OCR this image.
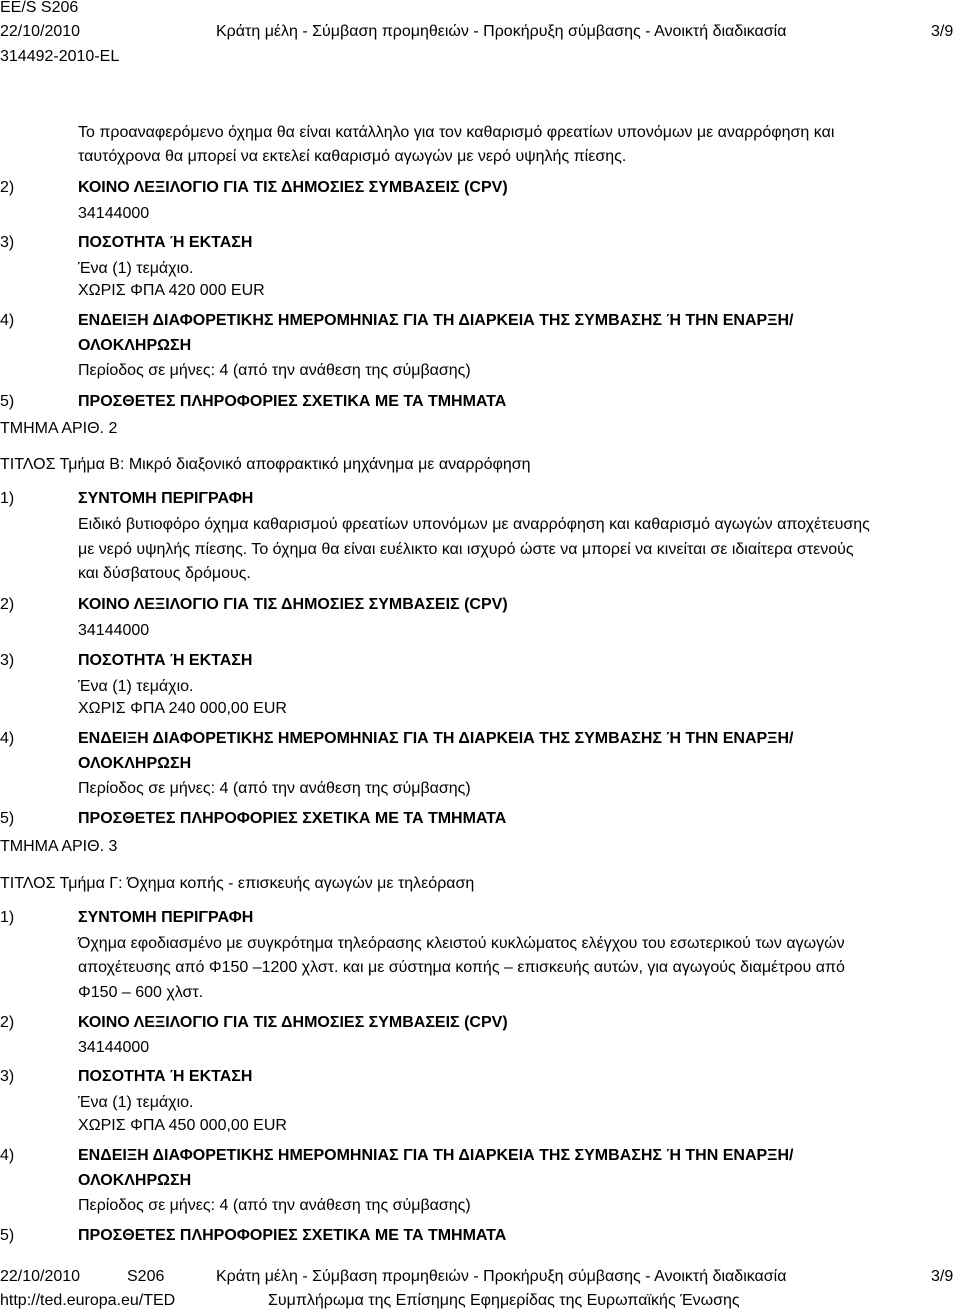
EE/S S206
22/10/2010	Κράτη μέλη - Σύμβαση προμηθειών - Προκήρυξη σύμβασης - Ανοικτή διαδικασία	3/9
314492-2010-EL
Το προαναφερόμενο όχημα θα είναι κατάλληλο για τον καθαρισμό φρεατίων υπονόμων με αναρρόφηση και
ταυτόχρονα θα μπορεί να εκτελεί καθαρισμό αγωγών με νερό υψηλής πίεσης.
2)	ΚΟΙΝΟ ΛΕΞΙΛΟΓΙΟ ΓΙΑ ΤΙΣ ΔΗΜΟΣΙΕΣ ΣΥΜΒΑΣΕΙΣ (CPV)
34144000
3)	ΠΟΣΟΤΗΤΑ Ή ΕΚΤΑΣΗ
Ένα (1) τεμάχιο.
ΧΩΡΙΣ ΦΠΑ 420 000 EUR
4)	ΕΝΔΕΙΞΗ ΔΙΑΦΟΡΕΤΙΚΗΣ ΗΜΕΡΟΜΗΝΙΑΣ ΓΙΑ ΤΗ ΔΙΑΡΚΕΙΑ ΤΗΣ ΣΥΜΒΑΣΗΣ Ή ΤΗΝ ΕΝΑΡΞΗ/
ΟΛΟΚΛΗΡΩΣΗ
Περίοδος σε μήνες: 4 (από την ανάθεση της σύμβασης)
5)	ΠΡΟΣΘΕΤΕΣ ΠΛΗΡΟΦΟΡΙΕΣ ΣΧΕΤΙΚΑ ΜΕ ΤΑ ΤΜΗΜΑΤΑ
ΤΜΗΜΑ ΑΡΙΘ. 2
ΤΙΤΛΟΣ Τμήμα Β: Μικρό διαξονικό αποφρακτικό μηχάνημα με αναρρόφηση
1)	ΣΥΝΤΟΜΗ ΠΕΡΙΓΡΑΦΗ
Ειδικό βυτιοφόρο όχημα καθαρισμού φρεατίων υπονόμων με αναρρόφηση και καθαρισμό αγωγών αποχέτευσης
με νερό υψηλής πίεσης. Το όχημα θα είναι ευέλικτο και ισχυρό ώστε να μπορεί να κινείται σε ιδιαίτερα στενούς
και δύσβατους δρόμους.
2)	ΚΟΙΝΟ ΛΕΞΙΛΟΓΙΟ ΓΙΑ ΤΙΣ ΔΗΜΟΣΙΕΣ ΣΥΜΒΑΣΕΙΣ (CPV)
34144000
3)	ΠΟΣΟΤΗΤΑ Ή ΕΚΤΑΣΗ
Ένα (1) τεμάχιο.
ΧΩΡΙΣ ΦΠΑ 240 000,00 EUR
4)	ΕΝΔΕΙΞΗ ΔΙΑΦΟΡΕΤΙΚΗΣ ΗΜΕΡΟΜΗΝΙΑΣ ΓΙΑ ΤΗ ΔΙΑΡΚΕΙΑ ΤΗΣ ΣΥΜΒΑΣΗΣ Ή ΤΗΝ ΕΝΑΡΞΗ/
ΟΛΟΚΛΗΡΩΣΗ
Περίοδος σε μήνες: 4 (από την ανάθεση της σύμβασης)
5)	ΠΡΟΣΘΕΤΕΣ ΠΛΗΡΟΦΟΡΙΕΣ ΣΧΕΤΙΚΑ ΜΕ ΤΑ ΤΜΗΜΑΤΑ
ΤΜΗΜΑ ΑΡΙΘ. 3
ΤΙΤΛΟΣ Τμήμα Γ: Όχημα κοπής - επισκευής αγωγών με τηλεόραση
1)	ΣΥΝΤΟΜΗ ΠΕΡΙΓΡΑΦΗ
Όχημα εφοδιασμένο με συγκρότημα τηλεόρασης κλειστού κυκλώματος ελέγχου του εσωτερικού των αγωγών
αποχέτευσης από Φ150 –1200 χλστ. και με σύστημα κοπής – επισκευής αυτών, για αγωγούς διαμέτρου από
Φ150 – 600 χλστ.
2)	ΚΟΙΝΟ ΛΕΞΙΛΟΓΙΟ ΓΙΑ ΤΙΣ ΔΗΜΟΣΙΕΣ ΣΥΜΒΑΣΕΙΣ (CPV)
34144000
3)	ΠΟΣΟΤΗΤΑ Ή ΕΚΤΑΣΗ
Ένα (1) τεμάχιο.
ΧΩΡΙΣ ΦΠΑ 450 000,00 EUR
4)	ΕΝΔΕΙΞΗ ΔΙΑΦΟΡΕΤΙΚΗΣ ΗΜΕΡΟΜΗΝΙΑΣ ΓΙΑ ΤΗ ΔΙΑΡΚΕΙΑ ΤΗΣ ΣΥΜΒΑΣΗΣ Ή ΤΗΝ ΕΝΑΡΞΗ/
ΟΛΟΚΛΗΡΩΣΗ
Περίοδος σε μήνες: 4 (από την ανάθεση της σύμβασης)
5)	ΠΡΟΣΘΕΤΕΣ ΠΛΗΡΟΦΟΡΙΕΣ ΣΧΕΤΙΚΑ ΜΕ ΤΑ ΤΜΗΜΑΤΑ
22/10/2010	S206	Κράτη μέλη - Σύμβαση προμηθειών - Προκήρυξη σύμβασης - Ανοικτή διαδικασία	3/9
http://ted.europa.eu/TED	Συμπλήρωμα της Επίσημης Εφημερίδας της Ευρωπαϊκής Ένωσης
